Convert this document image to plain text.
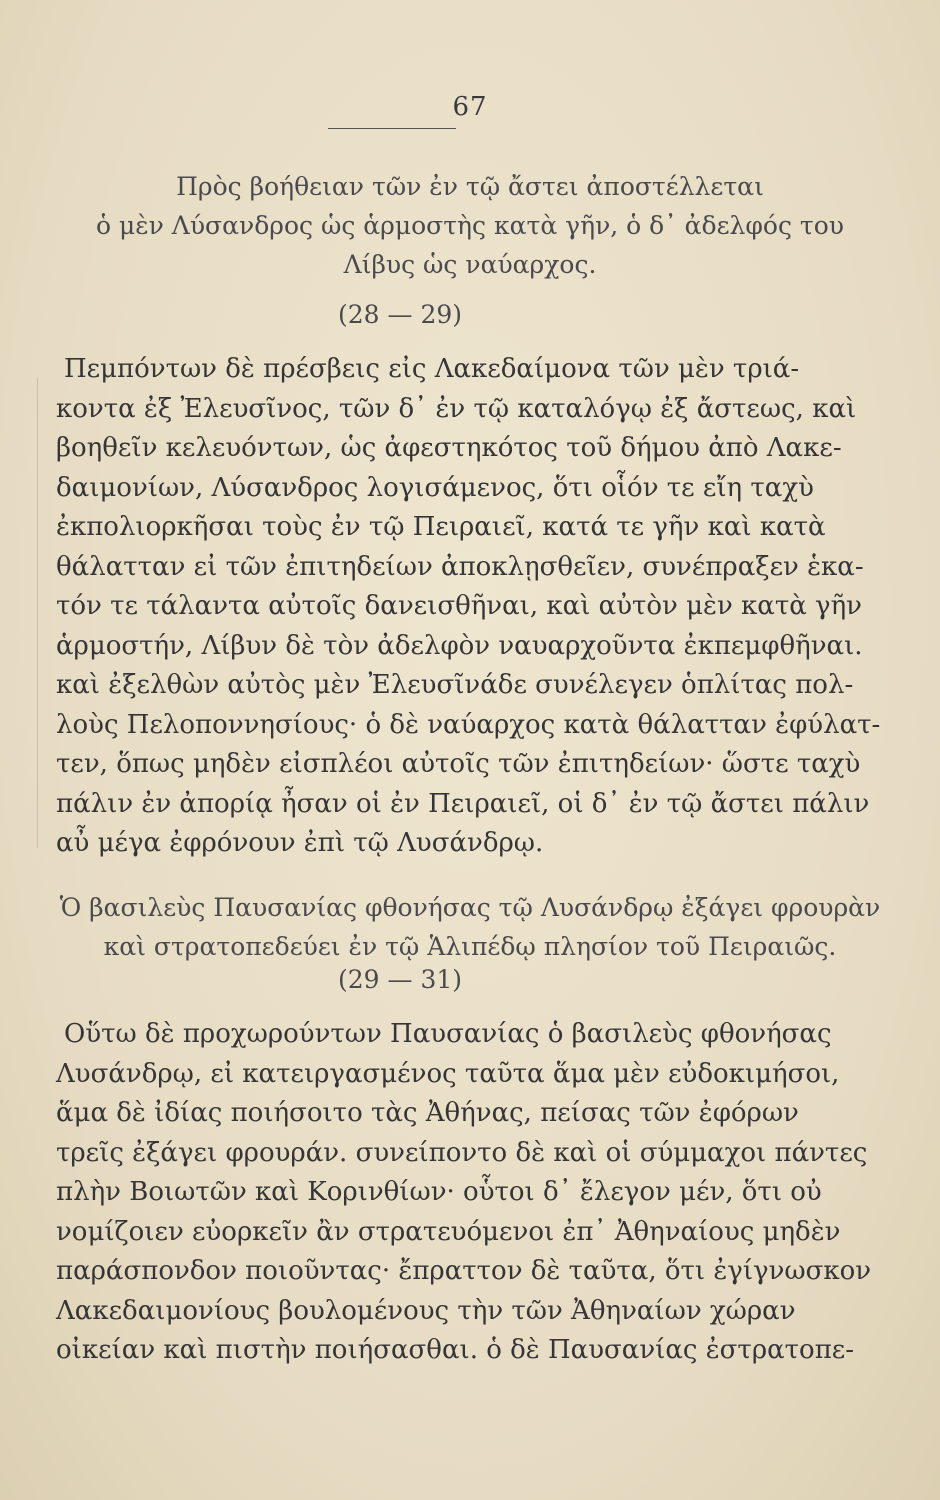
67
Πρὸς βοήθειαν τῶν ἐν τῷ ἄστει ἀποστέλλεται
ὁ μὲν Λύσανδρος ὡς ἁρμοστὴς κατὰ γῆν, ὁ δ᾽ ἀδελφός του
Λίβυς ὡς ναύαρχος.
(28 — 29)
Πεμπόντων δὲ πρέσβεις εἰς Λακεδαίμονα τῶν μὲν τριά-
κοντα ἐξ Ἐλευσῖνος, τῶν δ᾽ ἐν τῷ καταλόγῳ ἐξ ἄστεως, καὶ
βοηθεῖν κελευόντων, ὡς ἀφεστηκότος τοῦ δήμου ἀπὸ Λακε-
δαιμονίων, Λύσανδρος λογισάμενος, ὅτι οἷόν τε εἴη ταχὺ
ἐκπολιορκῆσαι τοὺς ἐν τῷ Πειραιεῖ, κατά τε γῆν καὶ κατὰ
θάλατταν εἰ τῶν ἐπιτηδείων ἀποκλῃσθεῖεν, συνέπραξεν ἑκα-
τόν τε τάλαντα αὐτοῖς δανεισθῆναι, καὶ αὐτὸν μὲν κατὰ γῆν
ἁρμοστήν, Λίβυν δὲ τὸν ἀδελφὸν ναυαρχοῦντα ἐκπεμφθῆναι.
καὶ ἐξελθὼν αὐτὸς μὲν Ἐλευσῖνάδε συνέλεγεν ὁπλίτας πολ-
λοὺς Πελοποννησίους· ὁ δὲ ναύαρχος κατὰ θάλατταν ἐφύλατ-
τεν, ὅπως μηδὲν εἰσπλέοι αὐτοῖς τῶν ἐπιτηδείων· ὥστε ταχὺ
πάλιν ἐν ἀπορίᾳ ἦσαν οἱ ἐν Πειραιεῖ, οἱ δ᾽ ἐν τῷ ἄστει πάλιν
αὖ μέγα ἐφρόνουν ἐπὶ τῷ Λυσάνδρῳ.
Ὁ βασιλεὺς Παυσανίας φθονήσας τῷ Λυσάνδρῳ ἐξάγει φρουρὰν
καὶ στρατοπεδεύει ἐν τῷ Ἁλιπέδῳ πλησίον τοῦ Πειραιῶς.
(29 — 31)
Οὕτω δὲ προχωρούντων Παυσανίας ὁ βασιλεὺς φθονήσας
Λυσάνδρῳ, εἰ κατειργασμένος ταῦτα ἅμα μὲν εὐδοκιμήσοι,
ἅμα δὲ ἰδίας ποιήσοιτο τὰς Ἀθήνας, πείσας τῶν ἐφόρων
τρεῖς ἐξάγει φρουράν. συνείποντο δὲ καὶ οἱ σύμμαχοι πάντες
πλὴν Βοιωτῶν καὶ Κορινθίων· οὗτοι δ᾽ ἔλεγον μέν, ὅτι οὐ
νομίζοιεν εὐορκεῖν ἂν στρατευόμενοι ἐπ᾽ Ἀθηναίους μηδὲν
παράσπονδον ποιοῦντας· ἔπραττον δὲ ταῦτα, ὅτι ἐγίγνωσκον
Λακεδαιμονίους βουλομένους τὴν τῶν Ἀθηναίων χώραν
οἰκείαν καὶ πιστὴν ποιήσασθαι. ὁ δὲ Παυσανίας ἐστρατοπε-
